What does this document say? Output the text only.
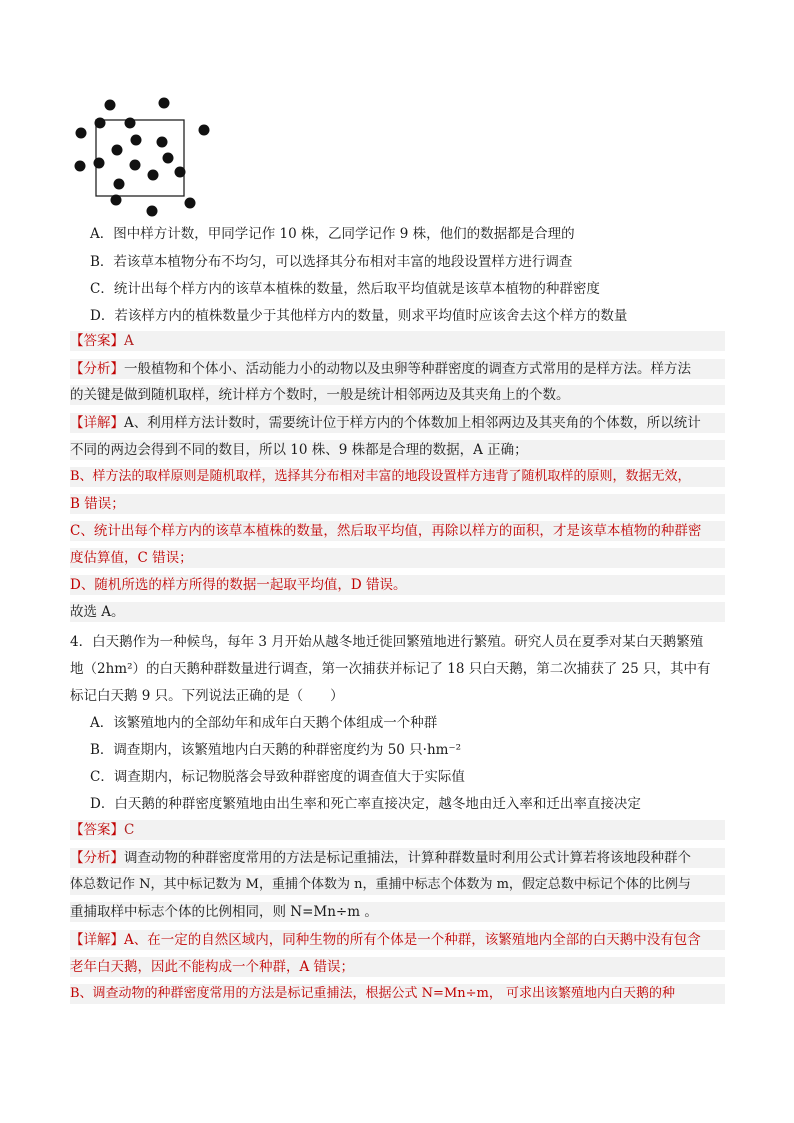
A．图中样方计数，甲同学记作 10 株，乙同学记作 9 株，他们的数据都是合理的
B．若该草本植物分布不均匀，可以选择其分布相对丰富的地段设置样方进行调查
C．统计出每个样方内的该草本植株的数量，然后取平均值就是该草本植物的种群密度
D．若该样方内的植株数量少于其他样方内的数量，则求平均值时应该舍去这个样方的数量
【答案】A
【分析】一般植物和个体小、活动能力小的动物以及虫卵等种群密度的调查方式常用的是样方法。样方法
的关键是做到随机取样，统计样方个数时，一般是统计相邻两边及其夹角上的个数。
【详解】A、利用样方法计数时，需要统计位于样方内的个体数加上相邻两边及其夹角的个体数，所以统计
不同的两边会得到不同的数目，所以 10 株、9 株都是合理的数据，A 正确；
B、样方法的取样原则是随机取样，选择其分布相对丰富的地段设置样方违背了随机取样的原则，数据无效，
B 错误；
C、统计出每个样方内的该草本植株的数量，然后取平均值，再除以样方的面积，才是该草本植物的种群密
度估算值，C 错误；
D、随机所选的样方所得的数据一起取平均值，D 错误。
故选 A。
4．白天鹅作为一种候鸟，每年 3 月开始从越冬地迁徙回繁殖地进行繁殖。研究人员在夏季对某白天鹅繁殖
地（2hm²）的白天鹅种群数量进行调查，第一次捕获并标记了 18 只白天鹅，第二次捕获了 25 只，其中有
标记白天鹅 9 只。下列说法正确的是（　　）
A．该繁殖地内的全部幼年和成年白天鹅个体组成一个种群
B．调查期内，该繁殖地内白天鹅的种群密度约为 50 只·hm⁻²
C．调查期内，标记物脱落会导致种群密度的调查值大于实际值
D．白天鹅的种群密度繁殖地由出生率和死亡率直接决定，越冬地由迁入率和迁出率直接决定
【答案】C
【分析】调查动物的种群密度常用的方法是标记重捕法，计算种群数量时利用公式计算若将该地段种群个
体总数记作 N，其中标记数为 M，重捕个体数为 n，重捕中标志个体数为 m，假定总数中标记个体的比例与
重捕取样中标志个体的比例相同，则 N=Mn÷m 。
【详解】A、在一定的自然区域内，同种生物的所有个体是一个种群，该繁殖地内全部的白天鹅中没有包含
老年白天鹅，因此不能构成一个种群，A 错误；
B、调查动物的种群密度常用的方法是标记重捕法，根据公式 N=Mn÷m， 可求出该繁殖地内白天鹅的种
